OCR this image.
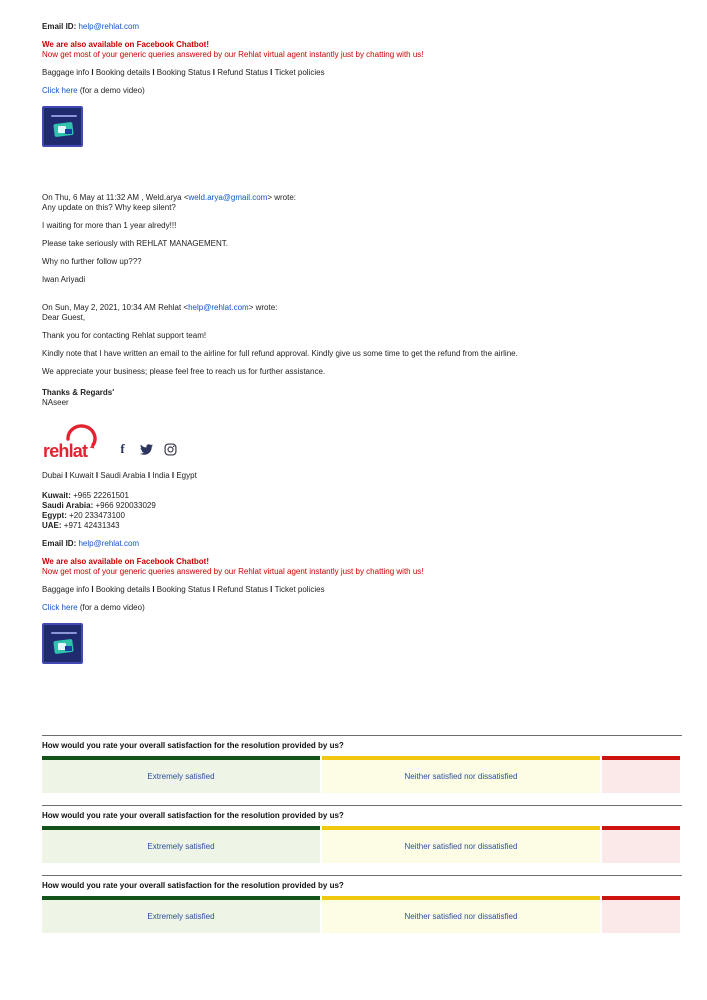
Email ID: help@rehlat.com
We are also available on Facebook Chatbot!
Now get most of your generic queries answered by our Rehlat virtual agent instantly just by chatting with us!
Baggage info I Booking details I Booking Status I Refund Status I Ticket policies
Click here (for a demo video)
On Thu, 6 May at 11:32 AM , Weld.arya <weld.arya@gmail.com> wrote:
Any update on this? Why keep silent?
I waiting for more than 1 year alredy!!!
Please take seriously with REHLAT MANAGEMENT.
Why no further follow up???
Iwan Ariyadi
On Sun, May 2, 2021, 10:34 AM Rehlat <help@rehlat.com> wrote:
Dear Guest,
Thank you for contacting Rehlat support team!
Kindly note that I have written an email to the airline for full refund approval. Kindly give us some time to get the refund from the airline.
We appreciate your business; please feel free to reach us for further assistance.
Thanks & Regards'
NAseer
rehlat	f
Dubai I Kuwait I Saudi Arabia I India I Egypt
Kuwait: +965 22261501
Saudi Arabia: +966 920033029
Egypt: +20 233473100
UAE: +971 42431343
Email ID: help@rehlat.com
We are also available on Facebook Chatbot!
Now get most of your generic queries answered by our Rehlat virtual agent instantly just by chatting with us!
Baggage info I Booking details I Booking Status I Refund Status I Ticket policies
Click here (for a demo video)
How would you rate your overall satisfaction for the resolution provided by us?
Extremely satisfied	Neither satisfied nor dissatisfied
How would you rate your overall satisfaction for the resolution provided by us?
Extremely satisfied	Neither satisfied nor dissatisfied
How would you rate your overall satisfaction for the resolution provided by us?
Extremely satisfied	Neither satisfied nor dissatisfied
